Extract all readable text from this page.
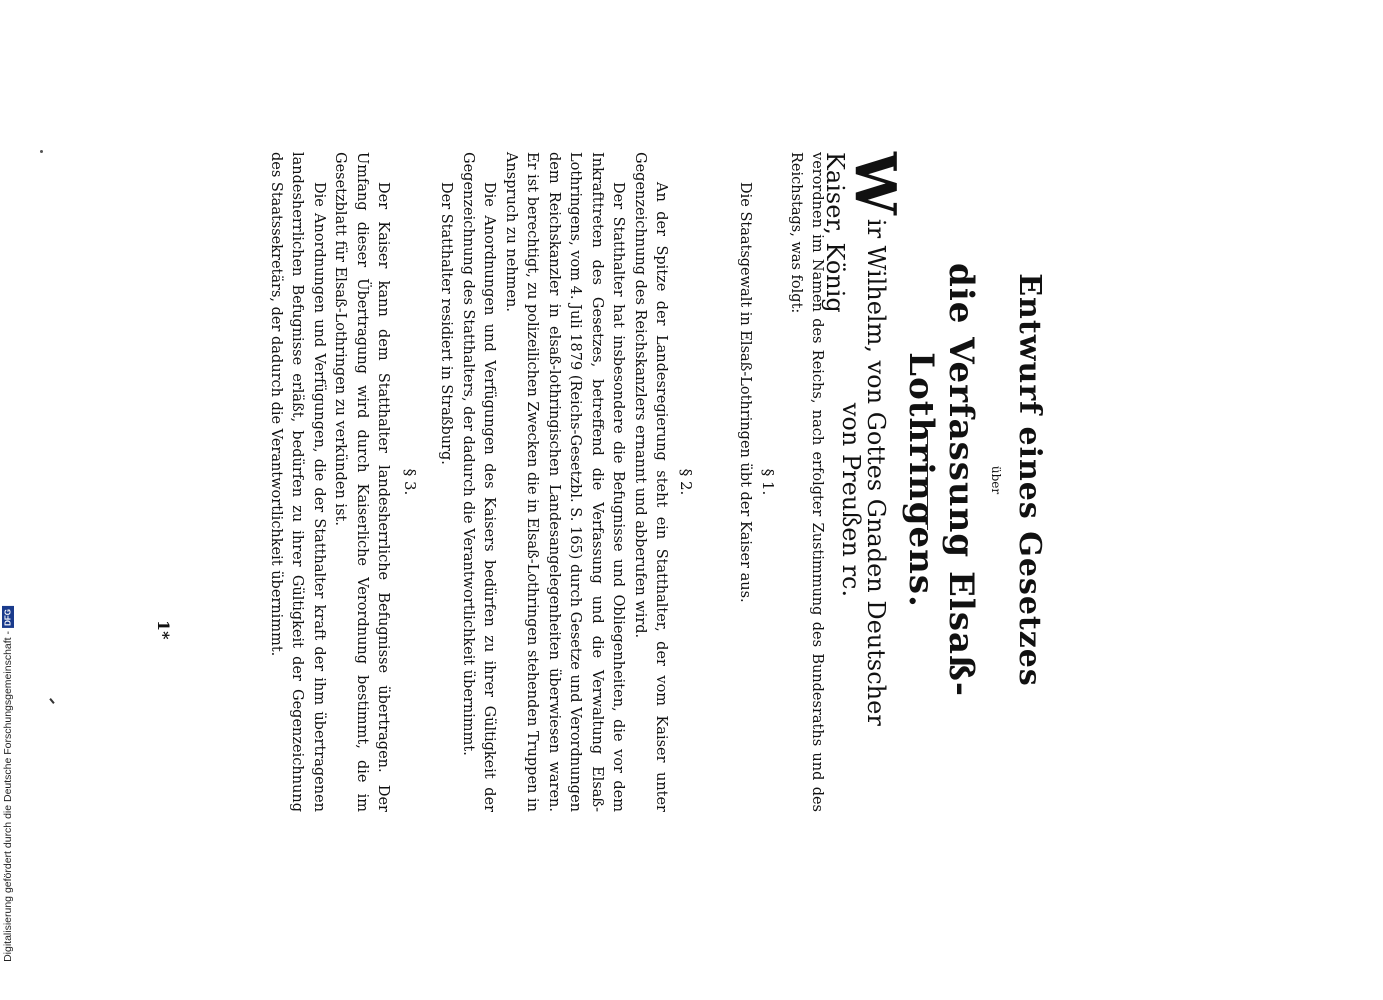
Entwurf eines Gesetzes
über
die Verfassung Elsaß-Lothringens.
Wir Wilhelm, von Gottes Gnaden Deutscher Kaiser, König
von Preußen rc.
verordnen im Namen des Reichs, nach erfolgter Zustimmung des Bundesraths und des Reichstags, was folgt:
§ 1.
Die Staatsgewalt in Elsaß-Lothringen übt der Kaiser aus.
§ 2.
An der Spitze der Landesregierung steht ein Statthalter, der vom Kaiser unter Gegenzeichnung des Reichskanzlers ernannt und abberufen wird.
Der Statthalter hat insbesondere die Befugnisse und Obliegenheiten, die vor dem Inkrafttreten des Gesetzes, betreffend die Verfassung und die Verwaltung Elsaß-Lothringens, vom 4. Juli 1879 (Reichs-Gesetzbl. S. 165) durch Gesetze und Verordnungen dem Reichskanzler in elsaß-lothringischen Landesangelegenheiten überwiesen waren. Er ist berechtigt, zu polizeilichen Zwecken die in Elsaß-Lothringen stehenden Truppen in Anspruch zu nehmen.
Die Anordnungen und Verfügungen des Kaisers bedürfen zu ihrer Gültigkeit der Gegenzeichnung des Statthalters, der dadurch die Verantwortlichkeit übernimmt.
Der Statthalter residiert in Straßburg.
§ 3.
Der Kaiser kann dem Statthalter landesherrliche Befugnisse übertragen. Der Umfang dieser Übertragung wird durch Kaiserliche Verordnung bestimmt, die im Gesetzblatt für Elsaß-Lothringen zu verkünden ist.
Die Anordnungen und Verfügungen, die der Statthalter kraft der ihm übertragenen landesherrlichen Befugnisse erläßt, bedürfen zu ihrer Gültigkeit der Gegenzeichnung des Staatssekretärs, der dadurch die Verantwortlichkeit übernimmt.
1*
Digitalisierung gefördert durch die Deutsche Forschungsgemeinschaft -
DFG
